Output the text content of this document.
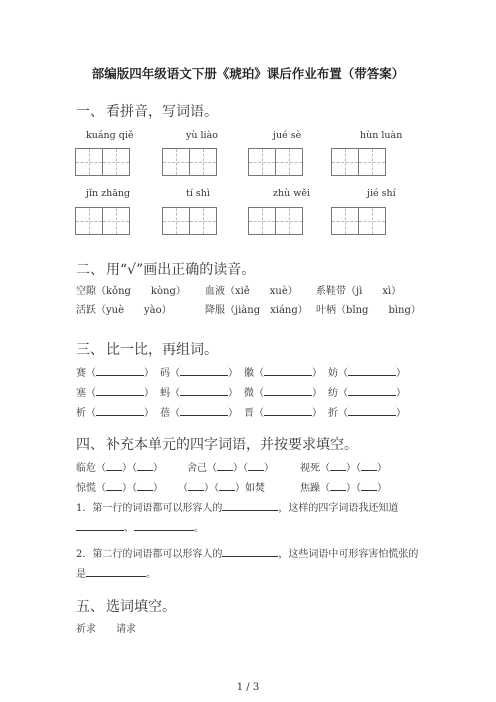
部编版四年级语文下册《琥珀》课后作业布置（带答案）
一、 看拼音，写词语。
kuáng qiě	yù liào	jué sè	hùn luàn
jǐn zhāng	tí shì	zhù wěi	jié shí
二、 用“√”画出正确的读音。
空隙（kǒng　　 kòng） 血液（xiě　　 xuè） 系鞋带（jì　　 xì）
活跃（yuè　　 yào）	降服（jiàng　 xiáng） 叶柄（bǐng　　 bìng）
三、 比一比，再组词。
赛（	） 码（	） 徽（	） 妨（	）
塞（	） 蚂（	） 微（	） 纺（	）
析（	） 蓓（	） 晋（	） 折（	）
四、 补充本单元的四字词语，并按要求填空。
临危（ ）（ ） 舍己（ ）（ ）	视死（ ）（ ）
惊慌（ ）（ ） （ ）（ ）如焚	焦躁（ ）（ ）
1．第一行的词语都可以形容人的	，这样的四字词语我还知道
、	。
2．第二行的词语都可以形容人的	，这些词语中可形容害怕慌张的
是	。
五、 选词填空。
祈求　　 请求
1 / 3
